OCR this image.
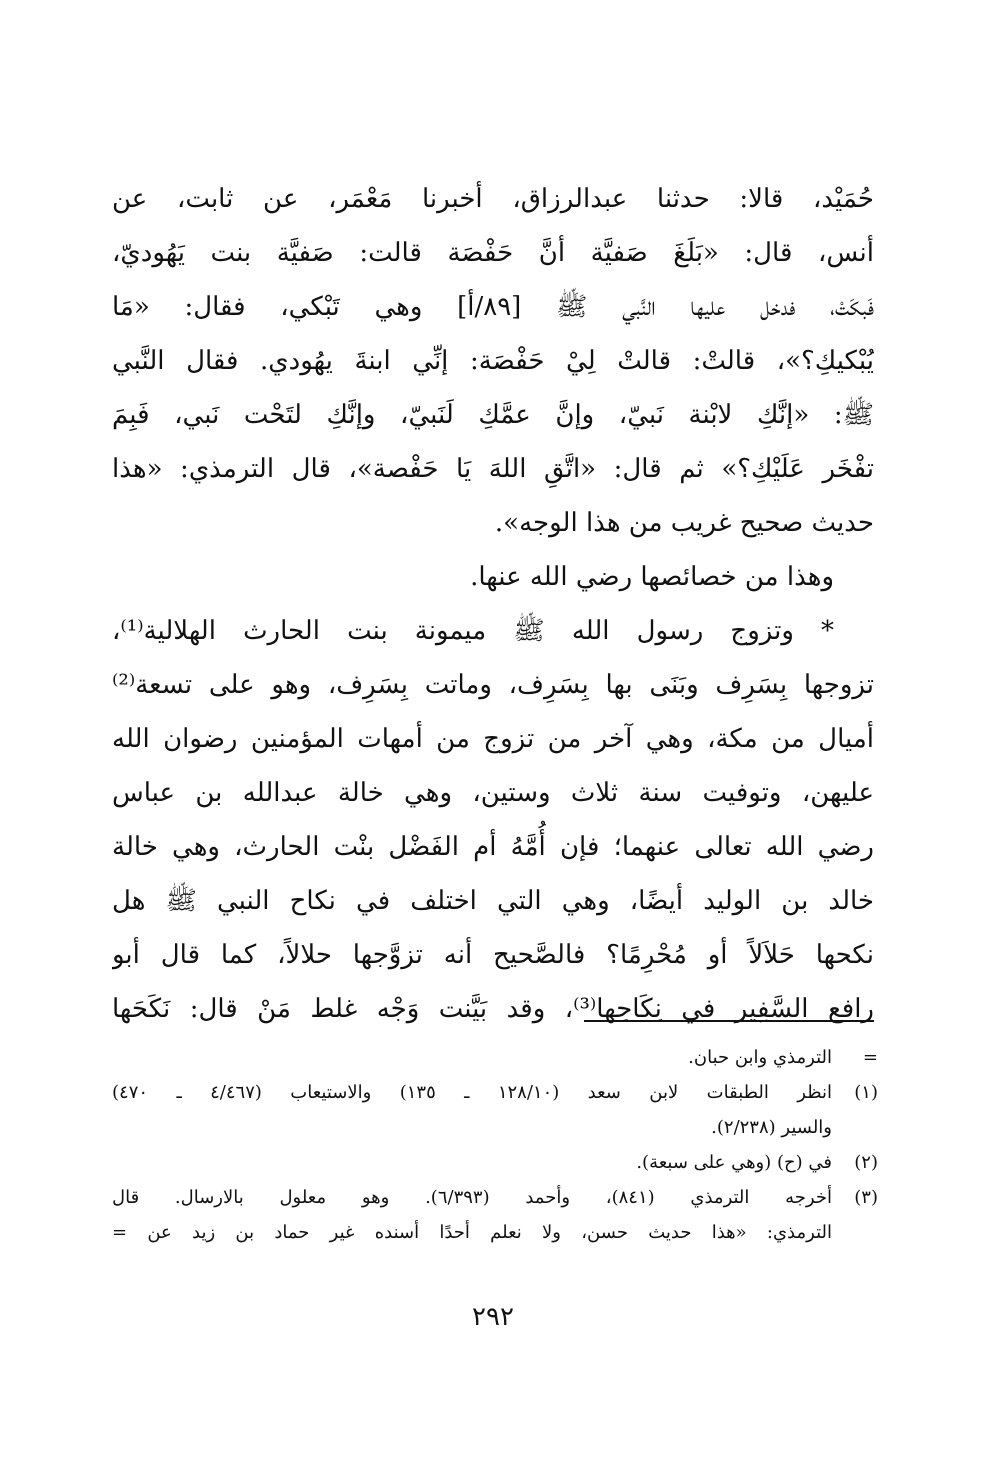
حُمَيْد، قالا: حدثنا عبدالرزاق، أخبرنا مَعْمَر، عن ثابت، عن
أنس، قال: «بَلَغَ صَفيَّة أنَّ حَفْصَة قالت: صَفيَّة بنت يَهُوديّ،
فَبكَتْ، فدخل عليها النَّبي ﷺ [٨٩/أ] وهي تَبْكي، فقال: «مَا
يُبْكيكِ؟»، قالتْ: قالتْ لِيْ حَفْصَة: إنِّي ابنةَ يهُودي. فقال النَّبي
ﷺ: «إنَّكِ لابْنة نَبيّ، وإنَّ عمَّكِ لَنَبيّ، وإنَّكِ لتَحْت نَبي، فَبِمَ
تفْخَر عَلَيْكِ؟» ثم قال: «اتَّقِ اللهَ يَا حَفْصة»، قال الترمذي: «هذا
حديث صحيح غريب من هذا الوجه».
وهذا من خصائصها رضي الله عنها.
* وتزوج رسول الله ﷺ ميمونة بنت الحارث الهلالية⁽¹⁾،
تزوجها بِسَرِف وبَنَى بها بِسَرِف، وماتت بِسَرِف، وهو على تسعة⁽²⁾
أميال من مكة، وهي آخر من تزوج من أمهات المؤمنين رضوان الله
عليهن، وتوفيت سنة ثلاث وستين، وهي خالة عبدالله بن عباس
رضي الله تعالى عنهما؛ فإن أُمَّهُ أم الفَضْل بنْت الحارث، وهي خالة
خالد بن الوليد أيضًا، وهي التي اختلف في نكاح النبي ﷺ هل
نكحها حَلاَلاً أو مُحْرِمًا؟ فالصَّحيح أنه تزوَّجها حلالاً، كما قال أبو
رافع السَّفِير في نِكَاحِها⁽³⁾، وقد بَيَّنت وَجْه غلط مَنْ قال: نَكَحَها
=
الترمذي وابن حبان.
(١)
انظر الطبقات لابن سعد (١٢٨/١٠ ـ ١٣٥) والاستيعاب (٤/٤٦٧ ـ ٤٧٠)
والسير (٢/٢٣٨).
(٢)
في (ح) (وهي على سبعة).
(٣)
أخرجه الترمذي (٨٤١)، وأحمد (٦/٣٩٣). وهو معلول بالارسال. قال
الترمذي: «هذا حديث حسن، ولا نعلم أحدًا أسنده غير حماد بن زيد عن =
٢٩٢
